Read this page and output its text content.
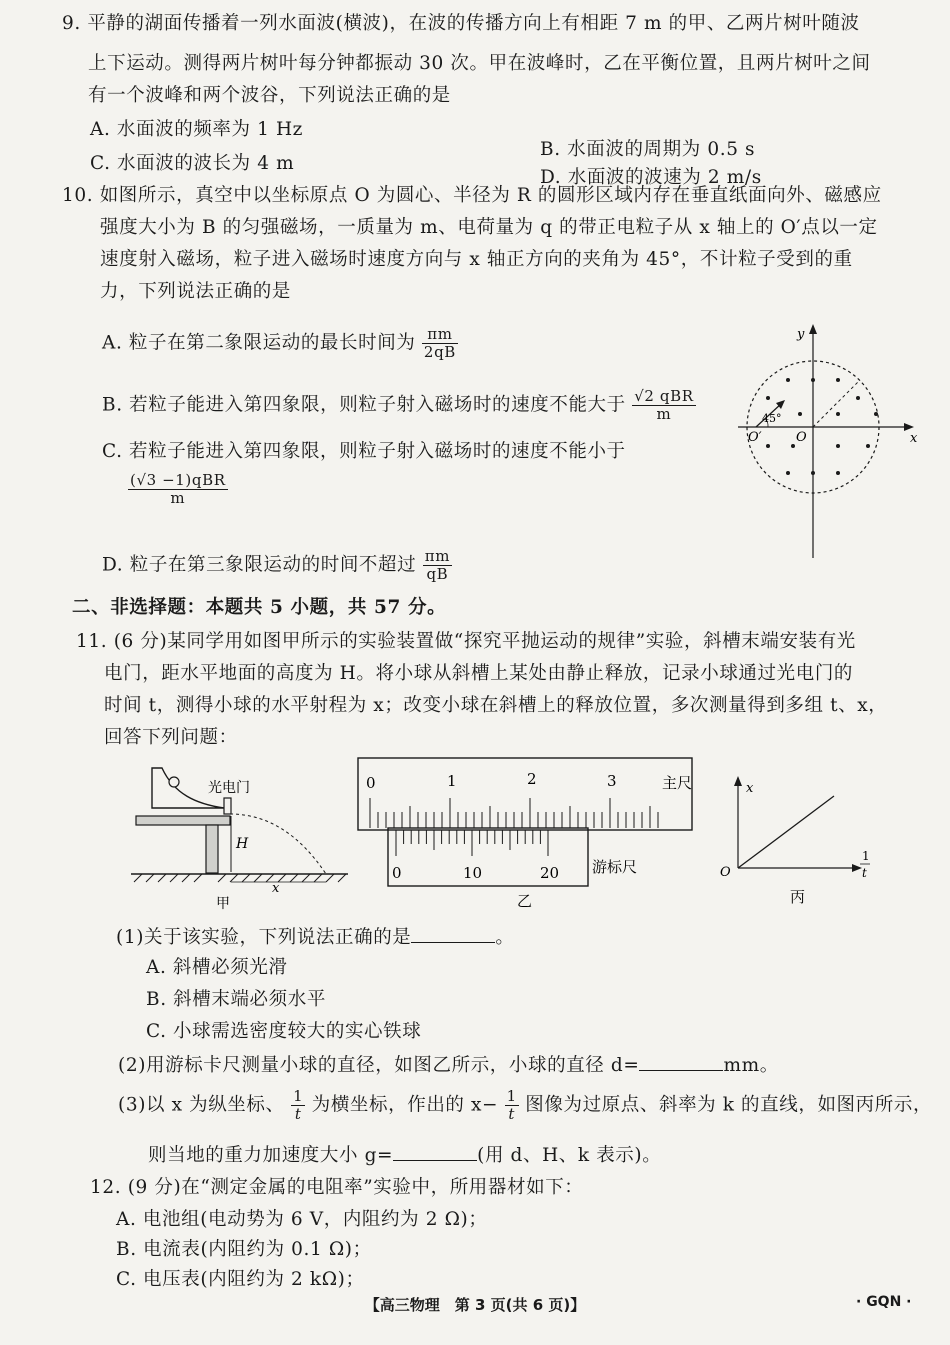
9. 平静的湖面传播着一列水面波(横波)，在波的传播方向上有相距 7 m 的甲、乙两片树叶随波
上下运动。测得两片树叶每分钟都振动 30 次。甲在波峰时，乙在平衡位置，且两片树叶之间
有一个波峰和两个波谷，下列说法正确的是
A. 水面波的频率为 1 Hz
B. 水面波的周期为 0.5 s
C. 水面波的波长为 4 m
D. 水面波的波速为 2 m/s
10. 如图所示，真空中以坐标原点 O 为圆心、半径为 R 的圆形区域内存在垂直纸面向外、磁感应
强度大小为 B 的匀强磁场，一质量为 m、电荷量为 q 的带正电粒子从 x 轴上的 O′点以一定
速度射入磁场，粒子进入磁场时速度方向与 x 轴正方向的夹角为 45°，不计粒子受到的重
力，下列说法正确的是
A. 粒子在第二象限运动的最长时间为 $\frac{\pi m}{2qB}$
B. 若粒子能进入第四象限，则粒子射入磁场时的速度不能大于 $\frac{\text{√2 qBR}}{m}$
C. 若粒子能进入第四象限，则粒子射入磁场时的速度不能小于
$\frac{\text{(√3 −1)qBR}}{m}$
D. 粒子在第三象限运动的时间不超过 $\frac{\pi m}{qB}$
y
x
O
O′
45°
二、非选择题：本题共 5 小题，共 57 分。
11. (6 分)某同学用如图甲所示的实验装置做“探究平抛运动的规律”实验，斜槽末端安装有光
电门，距水平地面的高度为 H。将小球从斜槽上某处由静止释放，记录小球通过光电门的
时间 t，测得小球的水平射程为 x；改变小球在斜槽上的释放位置，多次测量得到多组 t、x，
回答下列问题：
光电门
H
x
甲
0	1	2	3	主尺
0	10	20 游标尺
乙
x
O
1
t
丙
(1)关于该实验，下列说法正确的是	。
A. 斜槽必须光滑
B. 斜槽末端必须水平
C. 小球需选密度较大的实心铁球
(2)用游标卡尺测量小球的直径，如图乙所示，小球的直径 d=	mm。
(3)以 x 为纵坐标、 $\frac{1}{t}$ 为横坐标，作出的 $x- \frac{1}{t}$ 图像为过原点、斜率为 k 的直线，如图丙所示，
则当地的重力加速度大小 g=	(用 d、H、k 表示)。
12. (9 分)在“测定金属的电阻率”实验中，所用器材如下：
A. 电池组(电动势为 6 V，内阻约为 2 Ω)；
B. 电流表(内阻约为 0.1 Ω)；
C. 电压表(内阻约为 2 kΩ)；
【高三物理　第 3 页(共 6 页)】	· GQN ·
